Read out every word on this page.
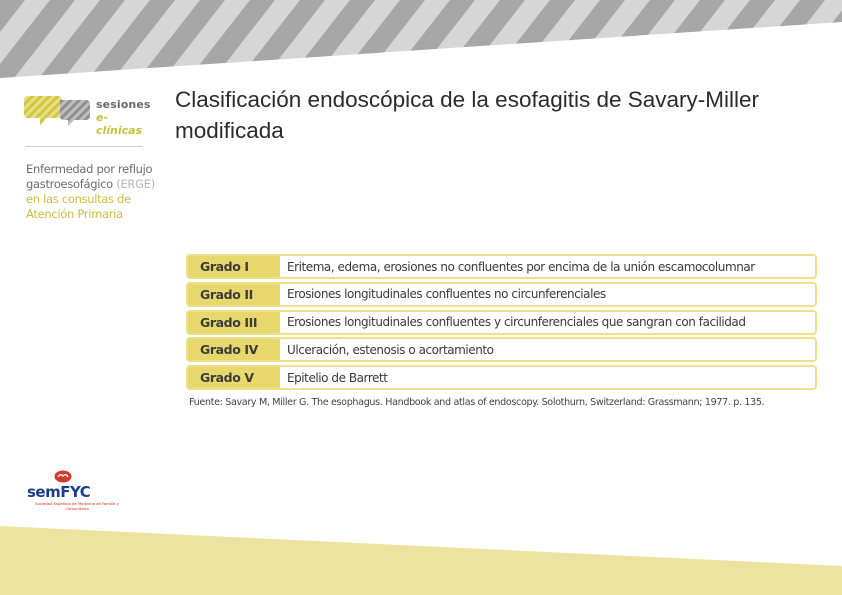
sesiones
e-clínicas
Enfermedad por reflujo
gastroesofágico (ERGE)
en las consultas de
Atención Primaria
Clasificación endoscópica de la esofagitis de Savary-Miller modificada
Grado I	Eritema, edema, erosiones no confluentes por encima de la unión escamocolumnar
Grado II	Erosiones longitudinales confluentes no circunferenciales
Grado III	Erosiones longitudinales confluentes y circunferenciales que sangran con facilidad
Grado IV	Ulceración, estenosis o acortamiento
Grado V	Epitelio de Barrett
Fuente: Savary M, Miller G. The esophagus. Handbook and atlas of endoscopy. Solothurn, Switzerland: Grassmann; 1977. p. 135.
semFYC
Sociedad Española de Medicina de Familia y Comunitaria
